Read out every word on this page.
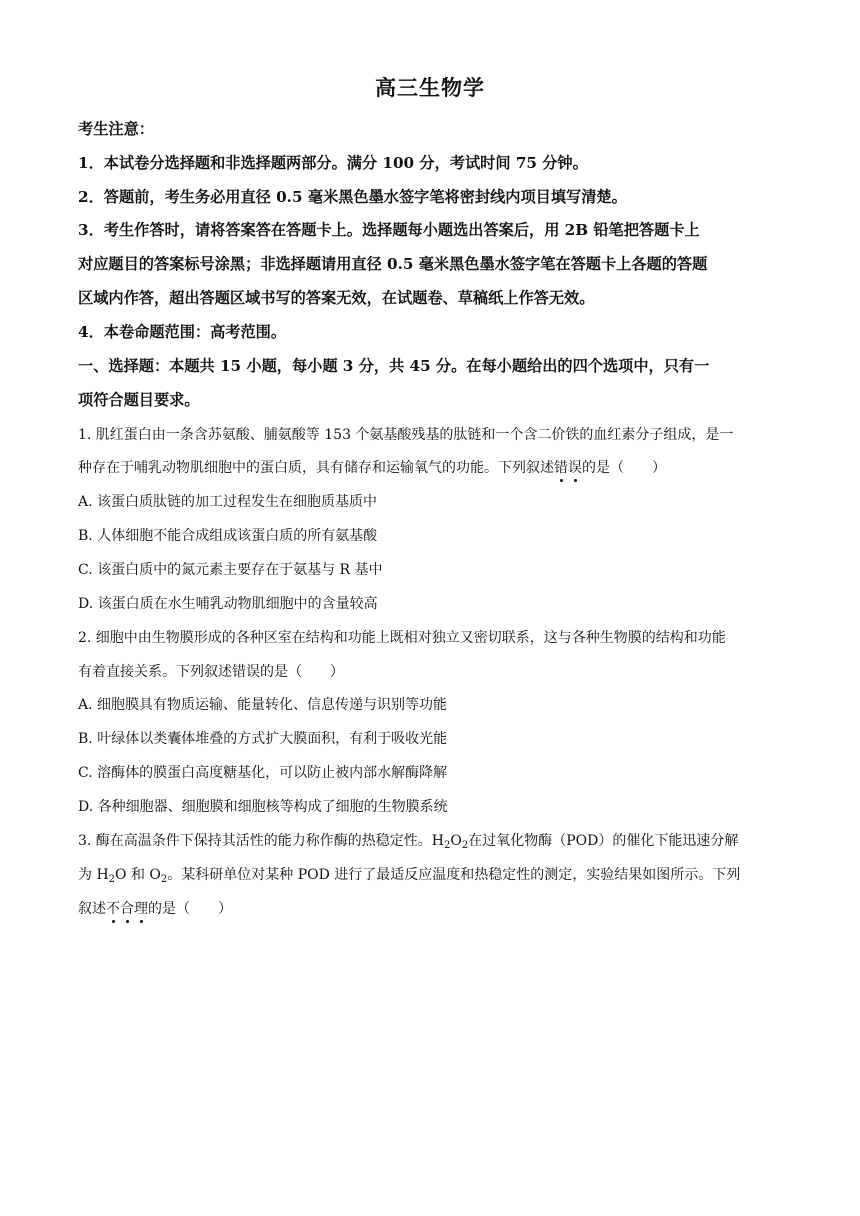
高三生物学
考生注意：
1．本试卷分选择题和非选择题两部分。满分 100 分，考试时间 75 分钟。
2．答题前，考生务必用直径 0.5 毫米黑色墨水签字笔将密封线内项目填写清楚。
3．考生作答时，请将答案答在答题卡上。选择题每小题选出答案后，用 2B 铅笔把答题卡上
对应题目的答案标号涂黑；非选择题请用直径 0.5 毫米黑色墨水签字笔在答题卡上各题的答题
区域内作答，超出答题区域书写的答案无效，在试题卷、草稿纸上作答无效。
4．本卷命题范围：高考范围。
一、选择题：本题共 15 小题，每小题 3 分，共 45 分。在每小题给出的四个选项中，只有一
项符合题目要求。
1. 肌红蛋白由一条含苏氨酸、脯氨酸等 153 个氨基酸残基的肽链和一个含二价铁的血红素分子组成，是一
种存在于哺乳动物肌细胞中的蛋白质，具有储存和运输氧气的功能。下列叙述错误的是（　　）
A. 该蛋白质肽链的加工过程发生在细胞质基质中
B. 人体细胞不能合成组成该蛋白质的所有氨基酸
C. 该蛋白质中的氮元素主要存在于氨基与 R 基中
D. 该蛋白质在水生哺乳动物肌细胞中的含量较高
2. 细胞中由生物膜形成的各种区室在结构和功能上既相对独立又密切联系，这与各种生物膜的结构和功能
有着直接关系。下列叙述错误的是（　　）
A. 细胞膜具有物质运输、能量转化、信息传递与识别等功能
B. 叶绿体以类囊体堆叠的方式扩大膜面积，有利于吸收光能
C. 溶酶体的膜蛋白高度糖基化，可以防止被内部水解酶降解
D. 各种细胞器、细胞膜和细胞核等构成了细胞的生物膜系统
3. 酶在高温条件下保持其活性的能力称作酶的热稳定性。$H_2O_2$在过氧化物酶（POD）的催化下能迅速分解
为 $H_2O$ 和 $O_2$。某科研单位对某种 POD 进行了最适反应温度和热稳定性的测定，实验结果如图所示。下列
叙述不合理的是（　　）
